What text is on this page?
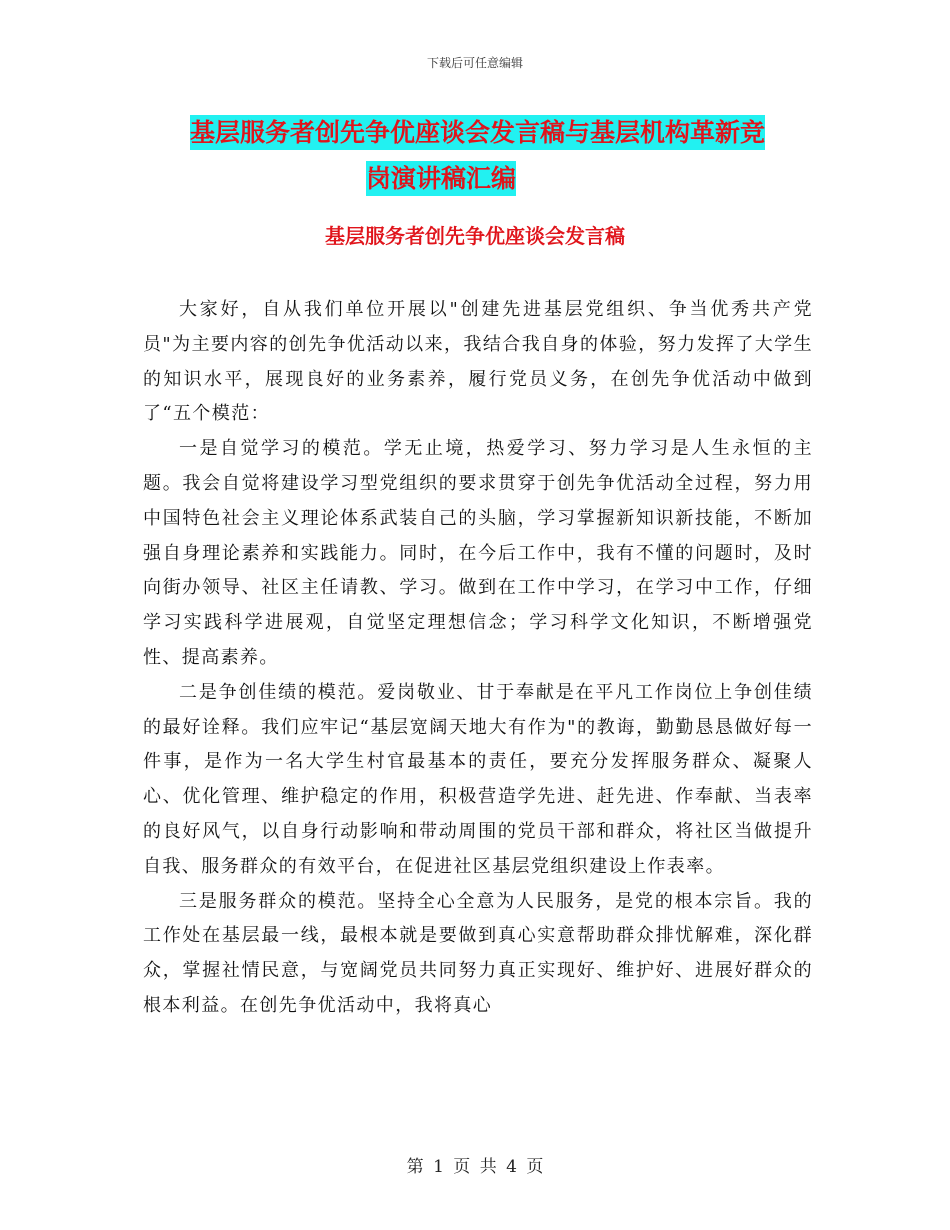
下载后可任意编辑
基层服务者创先争优座谈会发言稿与基层机构革新竞
岗演讲稿汇编
基层服务者创先争优座谈会发言稿

大家好，自从我们单位开展以"创建先进基层党组织、争当优秀共产党员"为主要内容的创先争优活动以来，我结合我自身的体验，努力发挥了大学生的知识水平，展现良好的业务素养，履行党员义务，在创先争优活动中做到了“五个模范：

一是自觉学习的模范。学无止境，热爱学习、努力学习是人生永恒的主题。我会自觉将建设学习型党组织的要求贯穿于创先争优活动全过程，努力用中国特色社会主义理论体系武装自己的头脑，学习掌握新知识新技能，不断加强自身理论素养和实践能力。同时，在今后工作中，我有不懂的问题时，及时向街办领导、社区主任请教、学习。做到在工作中学习，在学习中工作，仔细学习实践科学进展观，自觉坚定理想信念；学习科学文化知识，不断增强党性、提高素养。

二是争创佳绩的模范。爱岗敬业、甘于奉献是在平凡工作岗位上争创佳绩的最好诠释。我们应牢记“基层宽阔天地大有作为"的教诲，勤勤恳恳做好每一件事，是作为一名大学生村官最基本的责任，要充分发挥服务群众、凝聚人心、优化管理、维护稳定的作用，积极营造学先进、赶先进、作奉献、当表率的良好风气，以自身行动影响和带动周围的党员干部和群众，将社区当做提升自我、服务群众的有效平台，在促进社区基层党组织建设上作表率。

三是服务群众的模范。坚持全心全意为人民服务，是党的根本宗旨。我的工作处在基层最一线，最根本就是要做到真心实意帮助群众排忧解难，深化群众，掌握社情民意，与宽阔党员共同努力真正实现好、维护好、进展好群众的根本利益。在创先争优活动中，我将真心

第 1 页 共 4 页
